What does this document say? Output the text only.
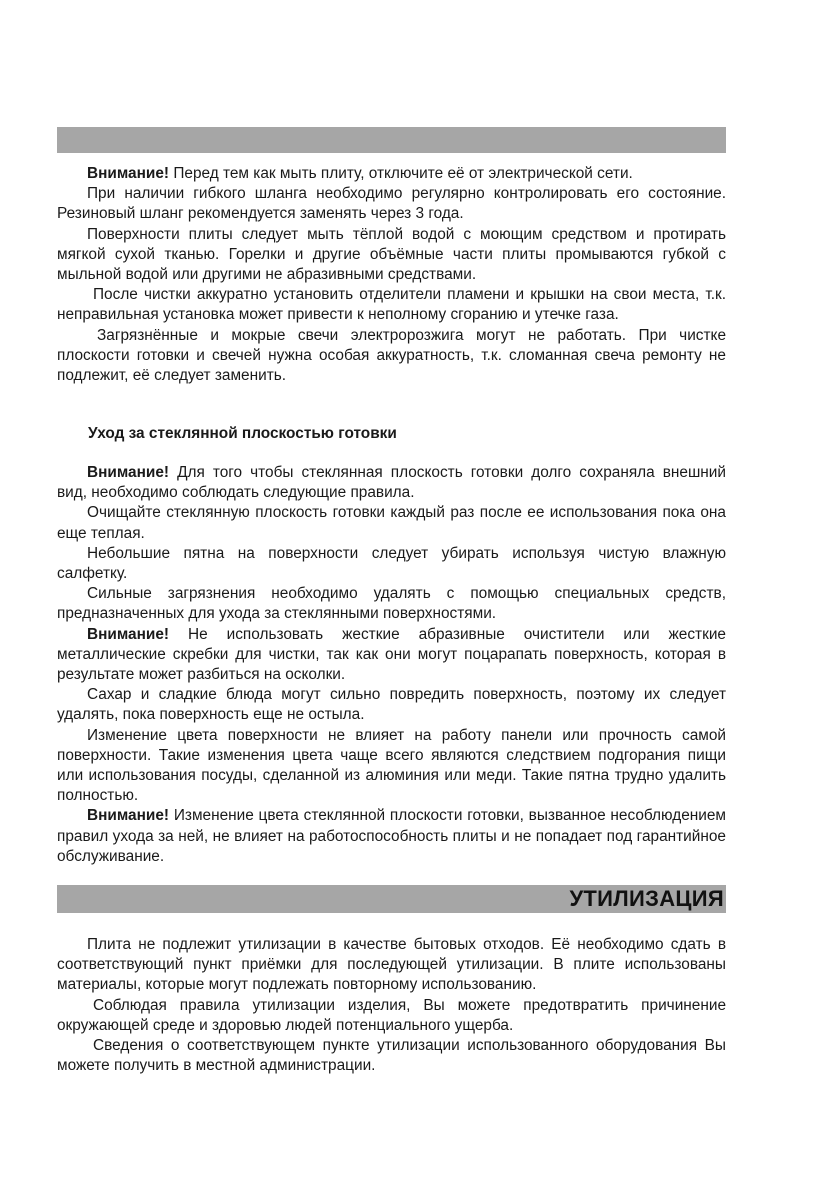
Внимание! Перед тем как мыть плиту, отключите её от электрической сети.

При наличии гибкого шланга необходимо регулярно контролировать его состояние. Резиновый шланг рекомендуется заменять через 3 года.

Поверхности плиты следует мыть тёплой водой с моющим средством и протирать мягкой сухой тканью. Горелки и другие объёмные части плиты промываются губкой с мыльной водой или другими не абразивными средствами.

После чистки аккуратно установить отделители пламени и крышки на свои места, т.к. неправильная установка может привести к неполному сгоранию и утечке газа.

Загрязнённые и мокрые свечи электророзжига могут не работать. При чистке плоскости готовки и свечей нужна особая аккуратность, т.к. сломанная свеча ремонту не подлежит, её следует заменить.

Уход за стеклянной плоскостью готовки

Внимание! Для того чтобы стеклянная плоскость готовки долго сохраняла внешний вид, необходимо соблюдать следующие правила.

Очищайте стеклянную плоскость готовки каждый раз после ее использования пока она еще теплая.

Небольшие пятна на поверхности следует убирать используя чистую влажную салфетку.

Сильные загрязнения необходимо удалять с помощью специальных средств, предназначенных для ухода за стеклянными поверхностями.

Внимание! Не использовать жесткие абразивные очистители или жесткие металлические скребки для чистки, так как они могут поцарапать поверхность, которая в результате может разбиться на осколки.

Сахар и сладкие блюда могут сильно повредить поверхность, поэтому их следует удалять, пока поверхность еще не остыла.

Изменение цвета поверхности не влияет на работу панели или прочность самой поверхности. Такие изменения цвета чаще всего являются следствием подгорания пищи или использования посуды, сделанной из алюминия или меди. Такие пятна трудно удалить полностью.

Внимание! Изменение цвета стеклянной плоскости готовки, вызванное несоблюдением правил ухода за ней, не влияет на работоспособность плиты и не попадает под гарантийное обслуживание.

УТИЛИЗАЦИЯ

Плита не подлежит утилизации в качестве бытовых отходов. Её необходимо сдать в соответствующий пункт приёмки для последующей утилизации. В плите использованы материалы, которые могут подлежать повторному использованию.

Соблюдая правила утилизации изделия, Вы можете предотвратить причинение окружающей среде и здоровью людей потенциального ущерба.

Сведения о соответствующем пункте утилизации использованного оборудования Вы можете получить в местной администрации.
